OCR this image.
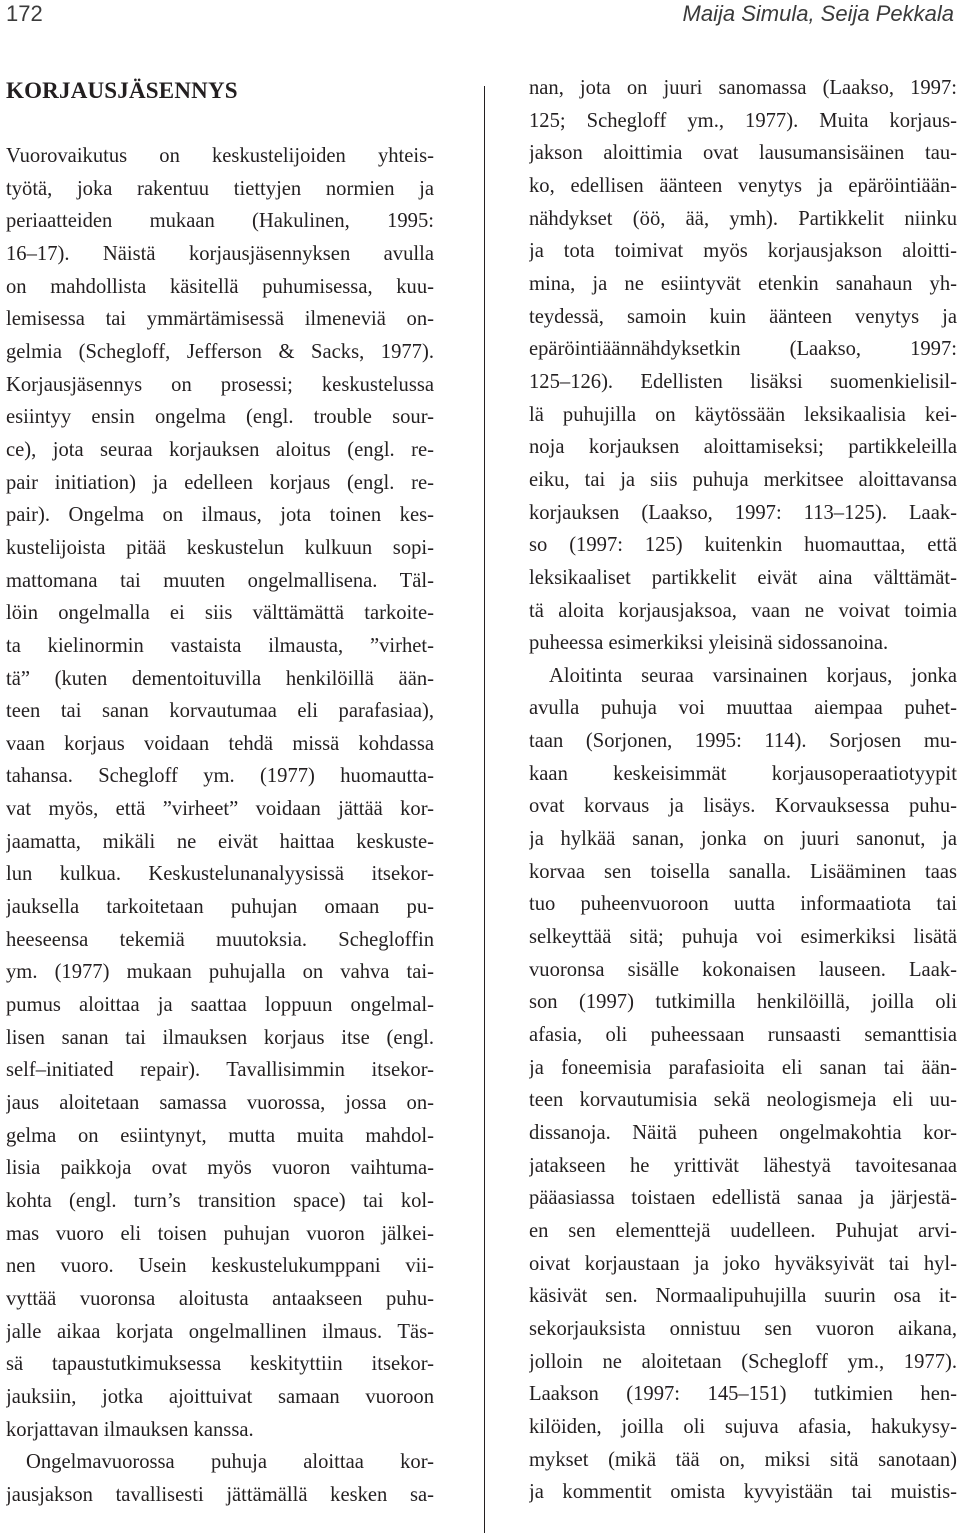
172	Maija Simula, Seija Pekkala
KORJAUSJÄSENNYS
Vuorovaikutus on keskustelijoiden yhteis-
työtä, joka rakentuu tiettyjen normien ja
periaatteiden mukaan (Hakulinen, 1995:
16–17). Näistä korjausjäsennyksen avulla
on mahdollista käsitellä puhumisessa, kuu-
lemisessa tai ymmärtämisessä ilmeneviä on-
gelmia (Schegloff, Jefferson & Sacks, 1977).
Korjausjäsennys on prosessi; keskustelussa
esiintyy ensin ongelma (engl. trouble sour-
ce), jota seuraa korjauksen aloitus (engl. re-
pair initiation) ja edelleen korjaus (engl. re-
pair). Ongelma on ilmaus, jota toinen kes-
kustelijoista pitää keskustelun kulkuun sopi-
mattomana tai muuten ongelmallisena. Täl-
löin ongelmalla ei siis välttämättä tarkoite-
ta kielinormin vastaista ilmausta, ”virhet-
tä” (kuten dementoituvilla henkilöillä ään-
teen tai sanan korvautumaa eli parafasiaa),
vaan korjaus voidaan tehdä missä kohdassa
tahansa. Schegloff ym. (1977) huomautta-
vat myös, että ”virheet” voidaan jättää kor-
jaamatta, mikäli ne eivät haittaa keskuste-
lun kulkua. Keskustelunanalyysissä itsekor-
jauksella tarkoitetaan puhujan omaan pu-
heeseensa tekemiä muutoksia. Schegloffin
ym. (1977) mukaan puhujalla on vahva tai-
pumus aloittaa ja saattaa loppuun ongelmal-
lisen sanan tai ilmauksen korjaus itse (engl.
self–initiated repair). Tavallisimmin itsekor-
jaus aloitetaan samassa vuorossa, jossa on-
gelma on esiintynyt, mutta muita mahdol-
lisia paikkoja ovat myös vuoron vaihtuma-
kohta (engl. turn’s transition space) tai kol-
mas vuoro eli toisen puhujan vuoron jälkei-
nen vuoro. Usein keskustelukumppani vii-
vyttää vuoronsa aloitusta antaakseen puhu-
jalle aikaa korjata ongelmallinen ilmaus. Täs-
sä tapaustutkimuksessa keskityttiin itsekor-
jauksiin, jotka ajoittuivat samaan vuoroon
korjattavan ilmauksen kanssa.
Ongelmavuorossa puhuja aloittaa kor-
jausjakson tavallisesti jättämällä kesken sa-
nan, jota on juuri sanomassa (Laakso, 1997:
125; Schegloff ym., 1977). Muita korjaus-
jakson aloittimia ovat lausumansisäinen tau-
ko, edellisen äänteen venytys ja epäröintiään-
nähdykset (öö, ää, ymh). Partikkelit niinku
ja tota toimivat myös korjausjakson aloitti-
mina, ja ne esiintyvät etenkin sanahaun yh-
teydessä, samoin kuin äänteen venytys ja
epäröintiäännähdyksetkin (Laakso, 1997:
125–126). Edellisten lisäksi suomenkielisil-
lä puhujilla on käytössään leksikaalisia kei-
noja korjauksen aloittamiseksi; partikkeleilla
eiku, tai ja siis puhuja merkitsee aloittavansa
korjauksen (Laakso, 1997: 113–125). Laak-
so (1997: 125) kuitenkin huomauttaa, että
leksikaaliset partikkelit eivät aina välttämät-
tä aloita korjausjaksoa, vaan ne voivat toimia
puheessa esimerkiksi yleisinä sidossanoina.
Aloitinta seuraa varsinainen korjaus, jonka
avulla puhuja voi muuttaa aiempaa puhet-
taan (Sorjonen, 1995: 114). Sorjosen mu-
kaan keskeisimmät korjausoperaatiotyypit
ovat korvaus ja lisäys. Korvauksessa puhu-
ja hylkää sanan, jonka on juuri sanonut, ja
korvaa sen toisella sanalla. Lisääminen taas
tuo puheenvuoroon uutta informaatiota tai
selkeyttää sitä; puhuja voi esimerkiksi lisätä
vuoronsa sisälle kokonaisen lauseen. Laak-
son (1997) tutkimilla henkilöillä, joilla oli
afasia, oli puheessaan runsaasti semanttisia
ja foneemisia parafasioita eli sanan tai ään-
teen korvautumisia sekä neologismeja eli uu-
dissanoja. Näitä puheen ongelmakohtia kor-
jatakseen he yrittivät lähestyä tavoitesanaa
pääasiassa toistaen edellistä sanaa ja järjestä-
en sen elementtejä uudelleen. Puhujat arvi-
oivat korjaustaan ja joko hyväksyivät tai hyl-
käsivät sen. Normaalipuhujilla suurin osa it-
sekorjauksista onnistuu sen vuoron aikana,
jolloin ne aloitetaan (Schegloff ym., 1977).
Laakson (1997: 145–151) tutkimien hen-
kilöiden, joilla oli sujuva afasia, hakukysy-
mykset (mikä tää on, miksi sitä sanotaan)
ja kommentit omista kyvyistään tai muistis-
